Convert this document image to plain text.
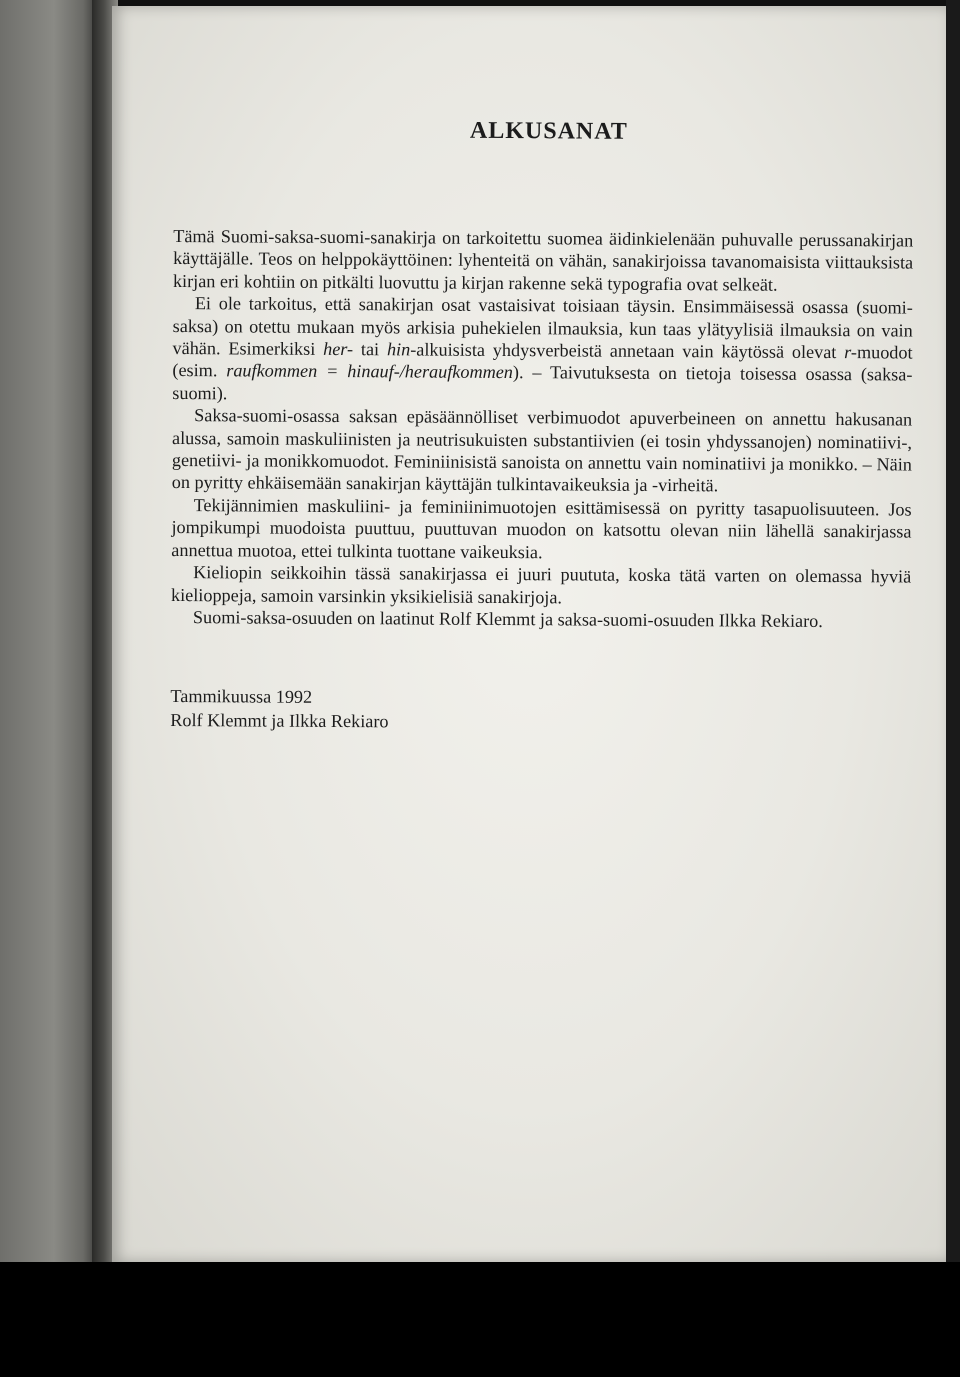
ALKUSANAT

Tämä Suomi-saksa-suomi-sanakirja on tarkoitettu suomea äidinkielenään puhuvalle perussanakirjan käyttäjälle. Teos on helppokäyttöinen: lyhenteitä on vähän, sanakirjoissa tavanomaisista viittauksista kirjan eri kohtiin on pitkälti luovuttu ja kirjan rakenne sekä typografia ovat selkeät.

Ei ole tarkoitus, että sanakirjan osat vastaisivat toisiaan täysin. Ensimmäisessä osassa (suomi-saksa) on otettu mukaan myös arkisia puhekielen ilmauksia, kun taas ylätyylisiä ilmauksia on vain vähän. Esimerkiksi her- tai hin-alkuisista yhdysverbeistä annetaan vain käytössä olevat r-muodot (esim. raufkommen = hinauf-/heraufkommen). – Taivutuksesta on tietoja toisessa osassa (saksa-suomi).

Saksa-suomi-osassa saksan epäsäännölliset verbimuodot apuverbeineen on annettu hakusanan alussa, samoin maskuliinisten ja neutrisukuisten substantiivien (ei tosin yhdyssanojen) nominatiivi-, genetiivi- ja monikkomuodot. Feminiinisistä sanoista on annettu vain nominatiivi ja monikko. – Näin on pyritty ehkäisemään sanakirjan käyttäjän tulkintavaikeuksia ja -virheitä.

Tekijännimien maskuliini- ja feminiinimuotojen esittämisessä on pyritty tasapuolisuuteen. Jos jompikumpi muodoista puuttuu, puuttuvan muodon on katsottu olevan niin lähellä sanakirjassa annettua muotoa, ettei tulkinta tuottane vaikeuksia.

Kieliopin seikkoihin tässä sanakirjassa ei juuri puututa, koska tätä varten on olemassa hyviä kielioppeja, samoin varsinkin yksikielisiä sanakirjoja.

Suomi-saksa-osuuden on laatinut Rolf Klemmt ja saksa-suomi-osuuden Ilkka Rekiaro.

Tammikuussa 1992
Rolf Klemmt ja Ilkka Rekiaro
